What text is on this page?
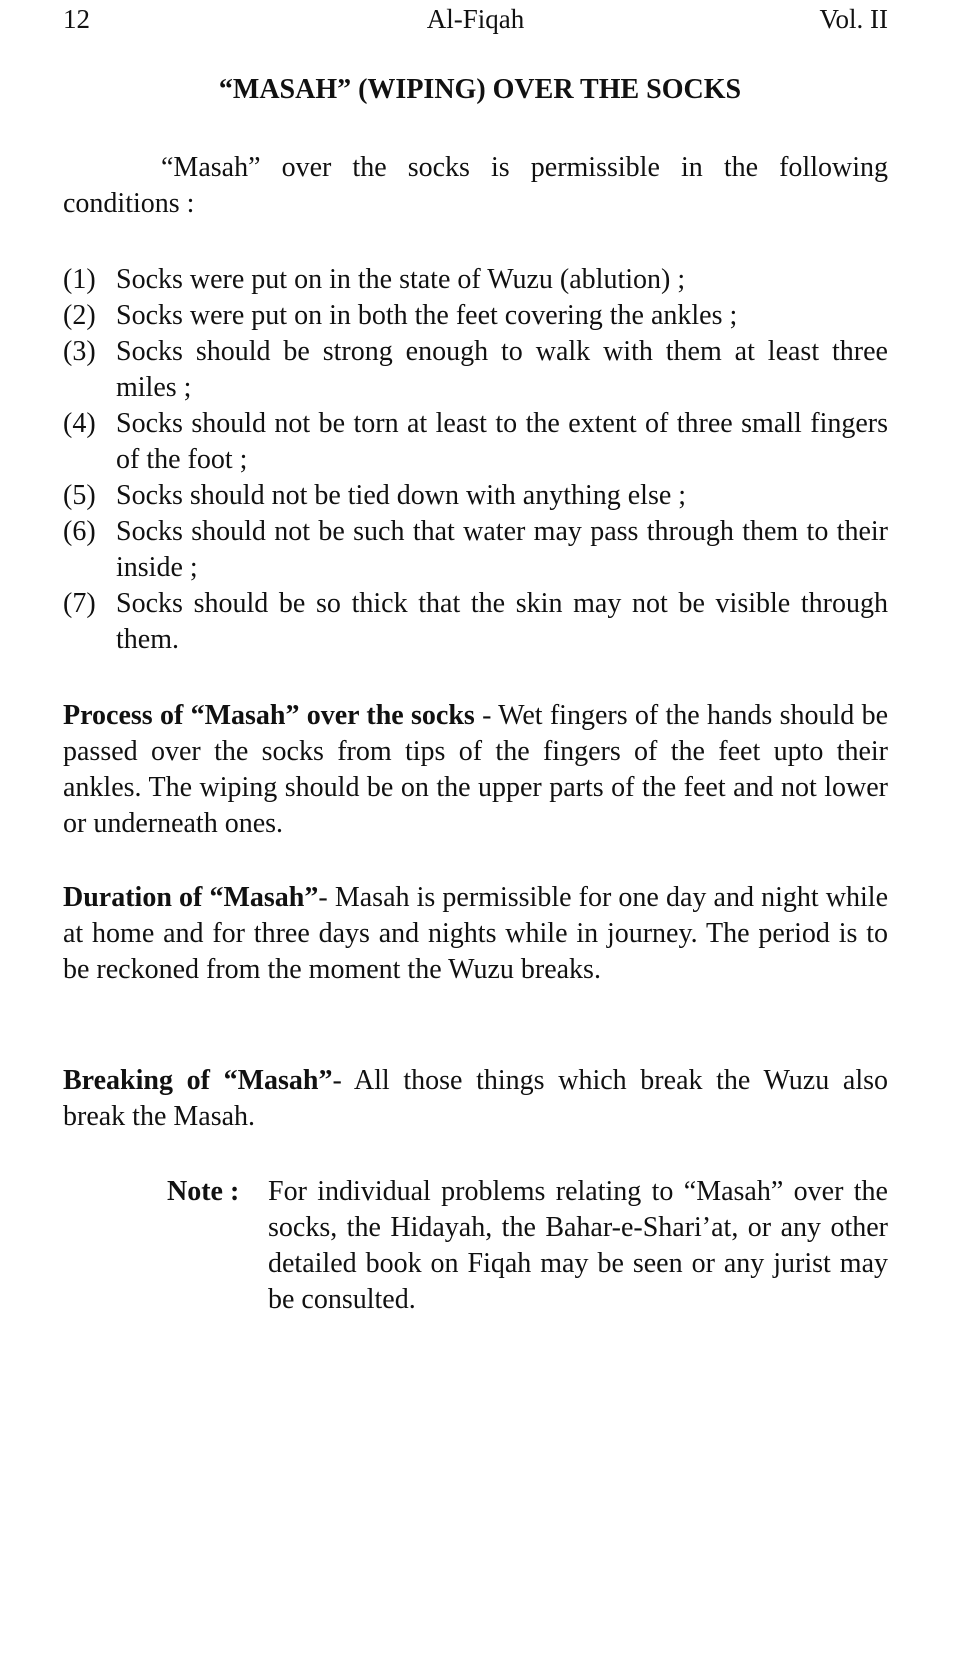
12	Al-Fiqah	Vol. II
“MASAH” (WIPING) OVER THE SOCKS
“Masah” over the socks is permissible in the following conditions :
(1) Socks were put on in the state of Wuzu (ablution) ;
(2) Socks were put on in both the feet covering the ankles ;
(3) Socks should be strong enough to walk with them at least three miles ;
(4) Socks should not be torn at least to the extent of three small fingers of the foot ;
(5) Socks should not be tied down with anything else ;
(6) Socks should not be such that water may pass through them to their inside ;
(7) Socks should be so thick that the skin may not be visible through them.
Process of “Masah” over the socks - Wet fingers of the hands should be passed over the socks from tips of the fingers of the feet upto their ankles. The wiping should be on the upper parts of the feet and not lower or underneath ones.
Duration of “Masah”- Masah is permissible for one day and night while at home and for three days and nights while in journey. The period is to be reckoned from the moment the Wuzu breaks.
Breaking of “Masah”- All those things which break the Wuzu also break the Masah.
Note : For individual problems relating to “Masah” over the socks, the Hidayah, the Bahar-e-Shari’at, or any other detailed book on Fiqah may be seen or any jurist may be consulted.
